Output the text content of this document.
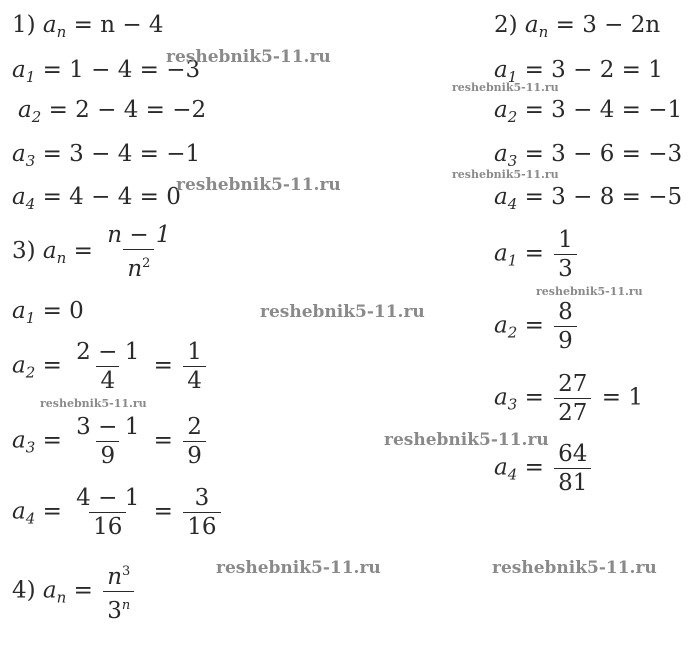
1) $a_n = n - 4$
$a_1 = 1 - 4 = -3$
$a_2 = 2 - 4 = -2$
$a_3 = 3 - 4 = -1$
$a_4 = 4 - 4 = 0$
3) $a_n = \frac{n - 1}{n^2}$
$a_1 = 0$
$a_2 = \frac{2 - 1}{4} = \frac{1}{4}$
$a_3 = \frac{3 - 1}{9} = \frac{2}{9}$
$a_4 = \frac{4 - 1}{16} = \frac{3}{16}$
4) $a_n = \frac{n^3}{3^n}$
2) $a_n = 3 - 2n$
$a_1 = 3 - 2 = 1$
$a_2 = 3 - 4 = -1$
$a_3 = 3 - 6 = -3$
$a_4 = 3 - 8 = -5$
$a_1 = \frac{1}{3}$
$a_2 = \frac{8}{9}$
$a_3 = \frac{27}{27} = 1$
$a_4 = \frac{64}{81}$
reshebnik5-11.ru
reshebnik5-11.ru
reshebnik5-11.ru
reshebnik5-11.ru
reshebnik5-11.ru
reshebnik5-11.ru
reshebnik5-11.ru
reshebnik5-11.ru
reshebnik5-11.ru	reshebnik5-11.ru
